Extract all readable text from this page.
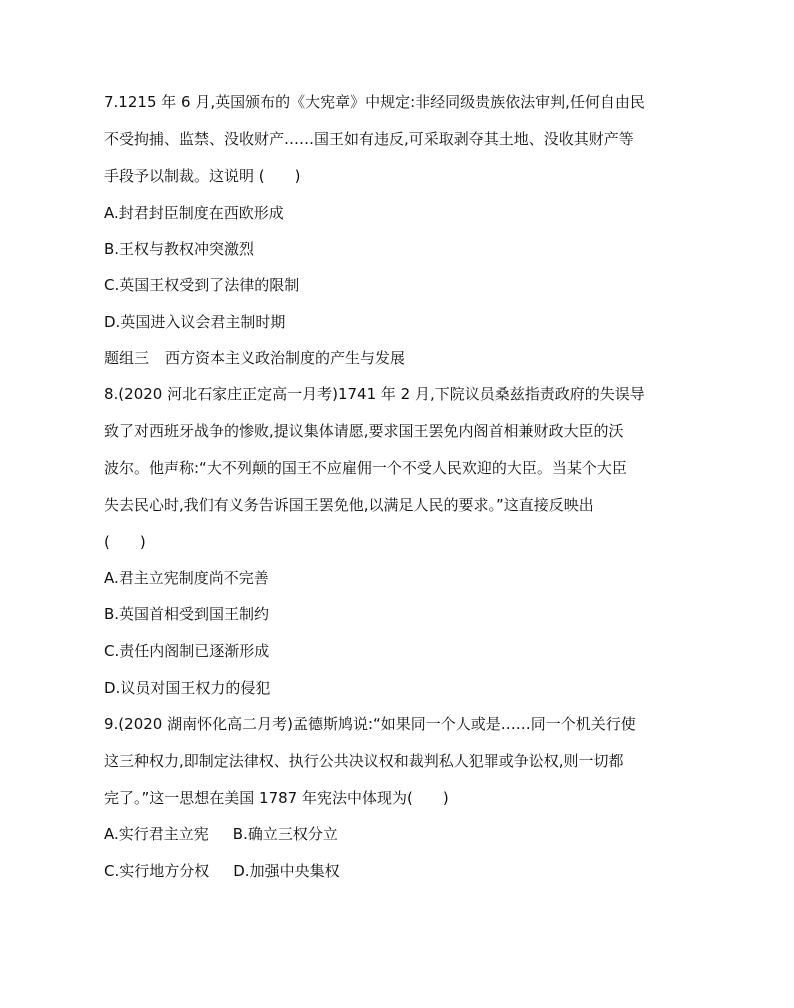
7.1215 年 6 月,英国颁布的《大宪章》中规定:非经同级贵族依法审判,任何自由民
不受拘捕、监禁、没收财产……国王如有违反,可采取剥夺其土地、没收其财产等
手段予以制裁。这说明 (　　)
A.封君封臣制度在西欧形成
B.王权与教权冲突激烈
C.英国王权受到了法律的限制
D.英国进入议会君主制时期
题组三 西方资本主义政治制度的产生与发展
8.(2020 河北石家庄正定高一月考)1741 年 2 月,下院议员桑兹指责政府的失误导
致了对西班牙战争的惨败,提议集体请愿,要求国王罢免内阁首相兼财政大臣的沃
波尔。他声称:“大不列颠的国王不应雇佣一个不受人民欢迎的大臣。当某个大臣
失去民心时,我们有义务告诉国王罢免他,以满足人民的要求。”这直接反映出
(　　)
A.君主立宪制度尚不完善
B.英国首相受到国王制约
C.责任内阁制已逐渐形成
D.议员对国王权力的侵犯
9.(2020 湖南怀化高二月考)孟德斯鸠说:“如果同一个人或是……同一个机关行使
这三种权力,即制定法律权、执行公共决议权和裁判私人犯罪或争讼权,则一切都
完了。”这一思想在美国 1787 年宪法中体现为(　　)
A.实行君主立宪 B.确立三权分立
C.实行地方分权 D.加强中央集权
